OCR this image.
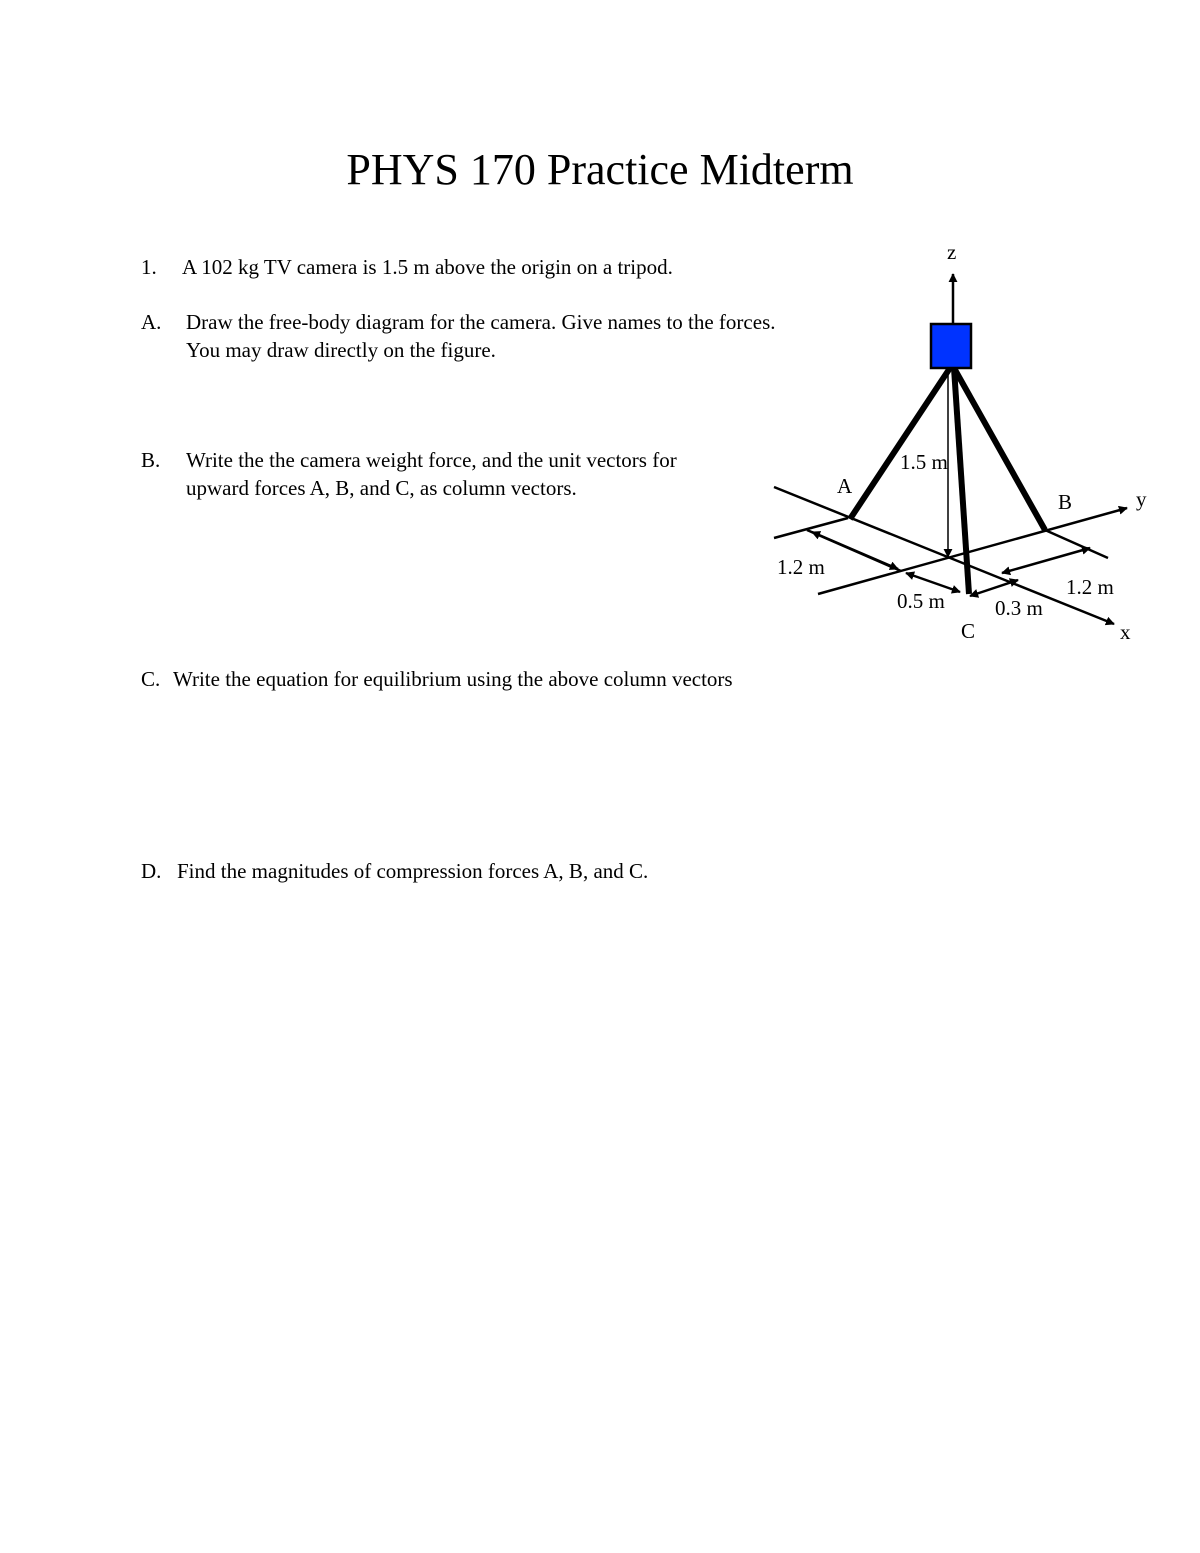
PHYS 170 Practice Midterm
1. A 102 kg TV camera is 1.5 m above the origin on a tripod.
A. Draw the free-body diagram for the camera. Give names to the forces.
You may draw directly on the figure.
B. Write the the camera weight force, and the unit vectors for
upward forces A, B, and C, as column vectors.
C. Write the equation for equilibrium using the above column vectors
D. Find the magnitudes of compression forces A, B, and C.
z
y
x
A
B
C
1.5 m
1.2 m
1.2 m
0.5 m 0.3 m
